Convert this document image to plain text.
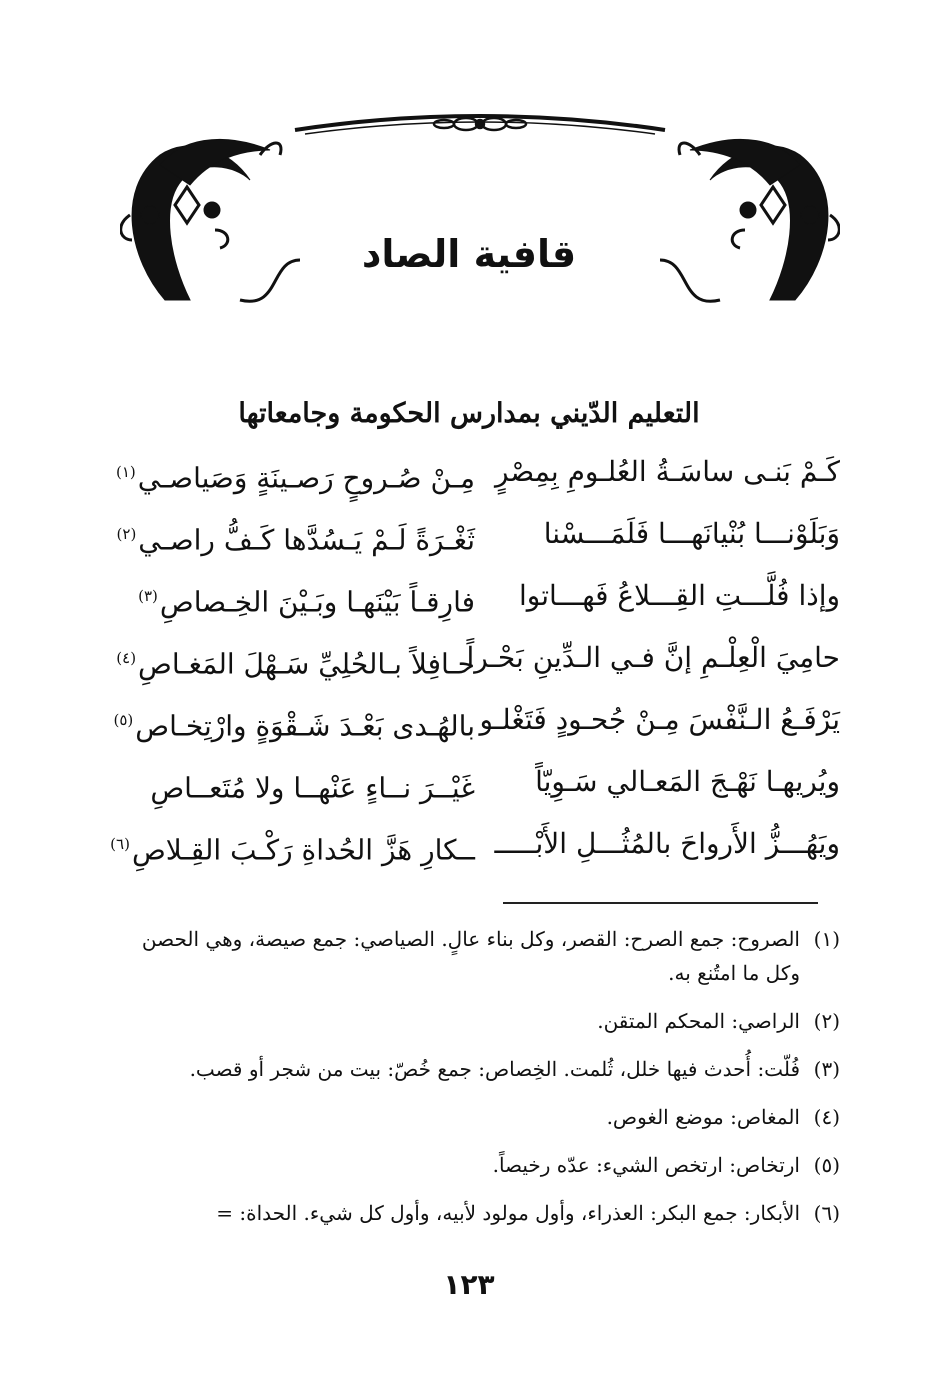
قافية الصاد
التعليم الدّيني بمدارس الحكومة وجامعاتها
كَـمْ بَنـى ساسَـةُ العُلـومِ بِمِصْرٍ
مِـنْ صُـروحٍ رَصـينَةٍ وَصَياصـي$^{(١)}$
وَبَلَوْنـــا بُنْيانَهـــا فَلَمَـــسْنا
ثَغْـرَةً لَـمْ يَـسُدَّها كَـفُّ راصـي$^{(٢)}$
وإذا فُلَّـــتِ القِـــلاعُ فَهـــاتوا
فارِقـاً بَيْنَهـا وبَـيْنَ الخِـصاصِ$^{(٣)}$
حامِيَ الْعِلْـمِ إنَّ فـي الـدِّينِ بَحْـراً
حـافِلاً بـالحُلِيِّ سَـهْلَ المَغـاصِ$^{(٤)}$
يَرْفَـعُ الـنَّفْسَ مِـنْ جُحـودٍ فَتَغْلـو
بالهُـدى بَعْـدَ شَـقْوَةٍ وارْتِخـاص$^{(٥)}$
ويُريهـا نَهْـجَ المَعـالي سَـوِيّاً
غَيْــرَ نــاءٍ عَنْهــا ولا مُتَعــاصِ
ويَهُـــزُّ الأَرواحَ بالمُثُـــلِ الأَبْـــــ
ــكارِ هَزَّ الحُداةِ رَكْـبَ القِـلاصِ$^{(٦)}$
(١)
الصروح: جمع الصرح: القصر، وكل بناء عالٍ. الصياصي: جمع صيصة، وهي الحصن وكل ما امتُنع به.
(٢)
الراصي: المحكم المتقن.
(٣)
فُلّت: أُحدث فيها خلل، ثُلمت. الخِصاص: جمع خُصّ: بيت من شجر أو قصب.
(٤)
المغاص: موضع الغوص.
(٥)
ارتخاص: ارتخص الشيء: عدّه رخيصاً.
(٦)
الأبكار: جمع البكر: العذراء، وأول مولود لأبيه، وأول كل شيء. الحداة: =
١٢٣
